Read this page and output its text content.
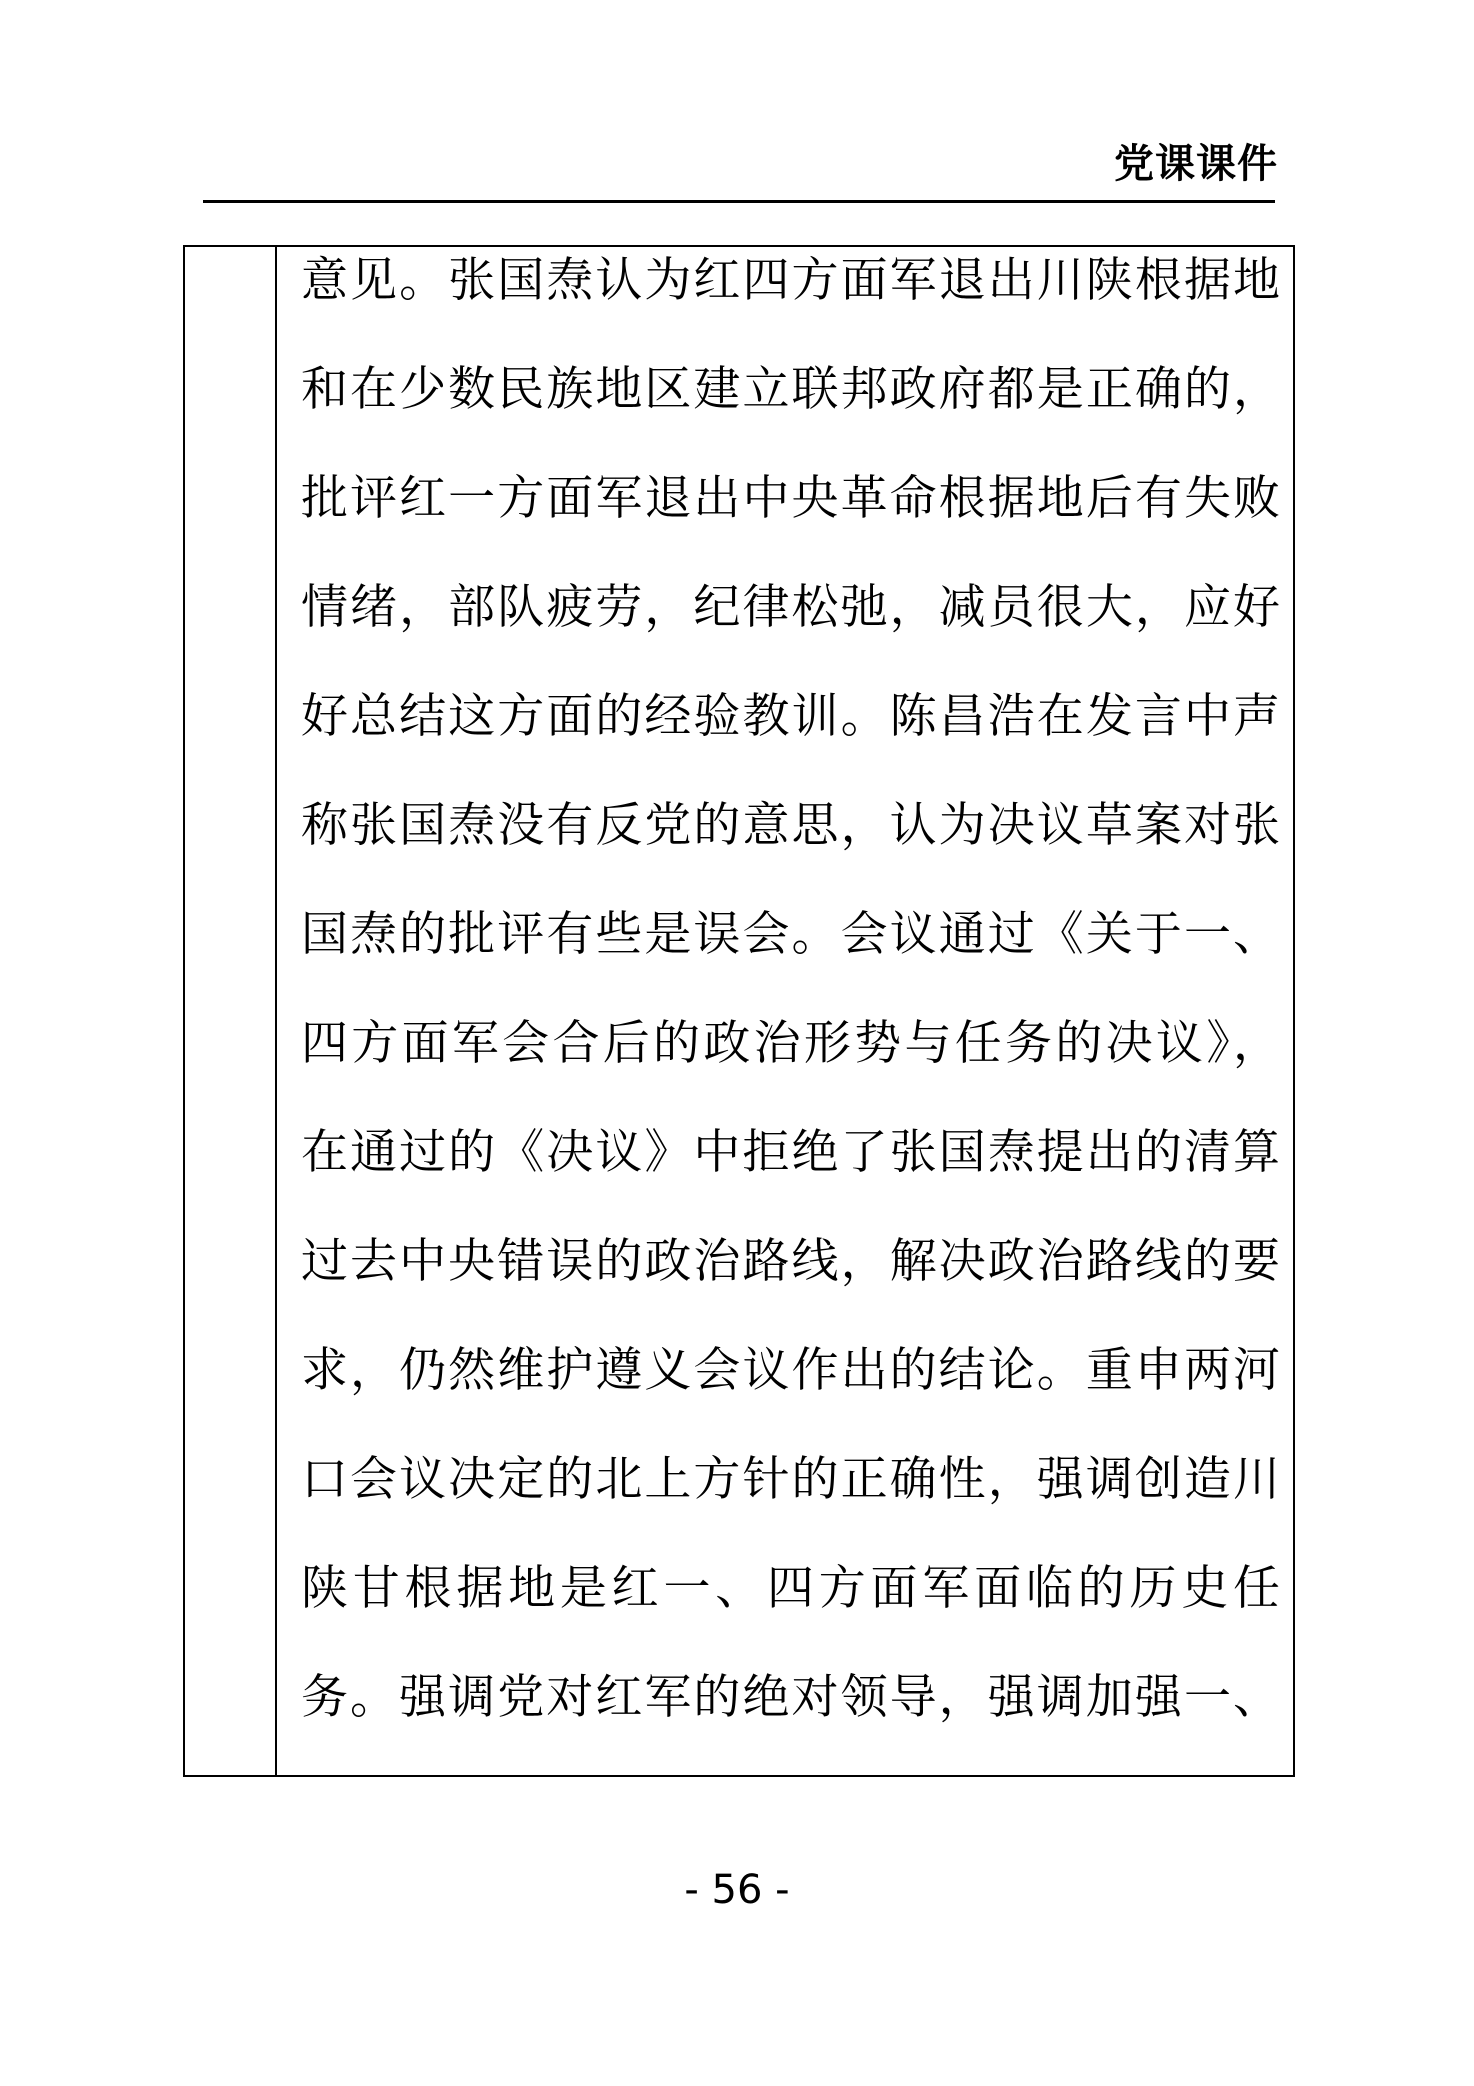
党课课件
意见。张国焘认为红四方面军退出川陕根据地
和在少数民族地区建立联邦政府都是正确的，
批评红一方面军退出中央革命根据地后有失败
情绪，部队疲劳，纪律松弛，减员很大，应好
好总结这方面的经验教训。陈昌浩在发言中声
称张国焘没有反党的意思，认为决议草案对张
国焘的批评有些是误会。会议通过《关于一、
四方面军会合后的政治形势与任务的决议》，
在通过的《决议》中拒绝了张国焘提出的清算
过去中央错误的政治路线，解决政治路线的要
求，仍然维护遵义会议作出的结论。重申两河
口会议决定的北上方针的正确性，强调创造川
陕甘根据地是红一、四方面军面临的历史任
务。强调党对红军的绝对领导，强调加强一、
- 56 -
